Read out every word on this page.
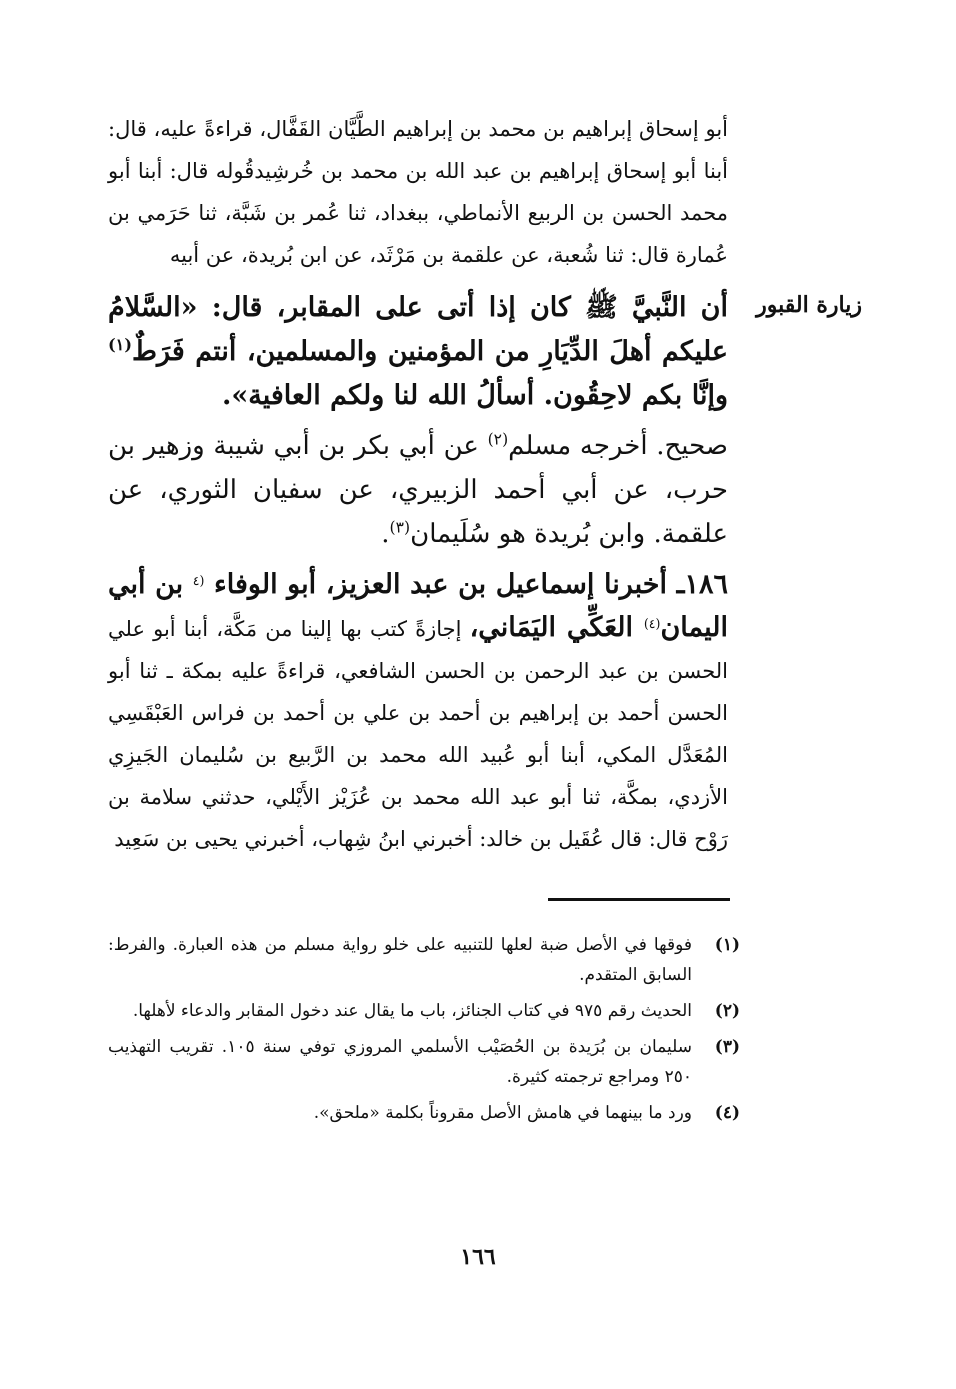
أبو إسحاق إبراهيم بن محمد بن إبراهيم الطَّيَّان القَفَّال، قراءةً عليه، قال: أبنا أبو إسحاق إبراهيم بن عبد الله بن محمد بن خُرشِيدقُوله قال: أبنا أبو محمد الحسن بن الربيع الأنماطي، ببغداد، ثنا عُمر بن شَبَّة، ثنا حَرَمي بن عُمارة قال: ثنا شُعبة، عن علقمة بن مَرْثَد، عن ابن بُريدة، عن أبيه
زيارة القبور
أن النَّبيَّ ﷺ كان إذا أتى على المقابر، قال: «السَّلامُ عليكم أهلَ الدِّيَارِ من المؤمنين والمسلمين، أنتم فَرَطٌ$^{(١)}$ وإنَّا بكم لاحِقُون. أسألُ الله لنا ولكم العافية».
صحيح. أخرجه مسلم$^{(٢)}$ عن أبي بكر بن أبي شيبة وزهير بن حرب، عن أبي أحمد الزبيري، عن سفيان الثوري، عن علقمة. وابن بُريدة هو سُلَيمان$^{(٣)}$.
١٨٦ـ أخبرنا إسماعيل بن عبد العزيز، أبو الوفاء $^{(٤}$ بن أبي اليمان$^{(٤)}$ العَكِّي اليَمَاني، إجازةً كتب بها إلينا من مَكَّة، أبنا أبو علي الحسن بن عبد الرحمن بن الحسن الشافعي، قراءةً عليه بمكة ـ ثنا أبو الحسن أحمد بن إبراهيم بن أحمد بن علي بن أحمد بن فراس العَبْقَسِي المُعَدَّل المكي، أبنا أبو عُبيد الله محمد بن الرَّبيع بن سُليمان الجَيزِي الأزدي، بمكَّة، ثنا أبو عبد الله محمد بن عُزَيْز الأَيْلي، حدثني سلامة بن رَوْح قال: قال عُقَيل بن خالد: أخبرني ابنُ شِهاب، أخبرني يحيى بن سَعِيد
(١)
فوقها في الأصل ضبة لعلها للتنبيه على خلو رواية مسلم من هذه العبارة. والفرط: السابق المتقدم.
(٢)
الحديث رقم ٩٧٥ في كتاب الجنائز، باب ما يقال عند دخول المقابر والدعاء لأهلها.
(٣)
سليمان بن بُرَيدة بن الحُصَيْب الأسلمي المروزي توفي سنة ١٠٥. تقريب التهذيب ٢٥٠ ومراجع ترجمته كثيرة.
(٤)
ورد ما بينهما في هامش الأصل مقروناً بكلمة «ملحق».
١٦٦
